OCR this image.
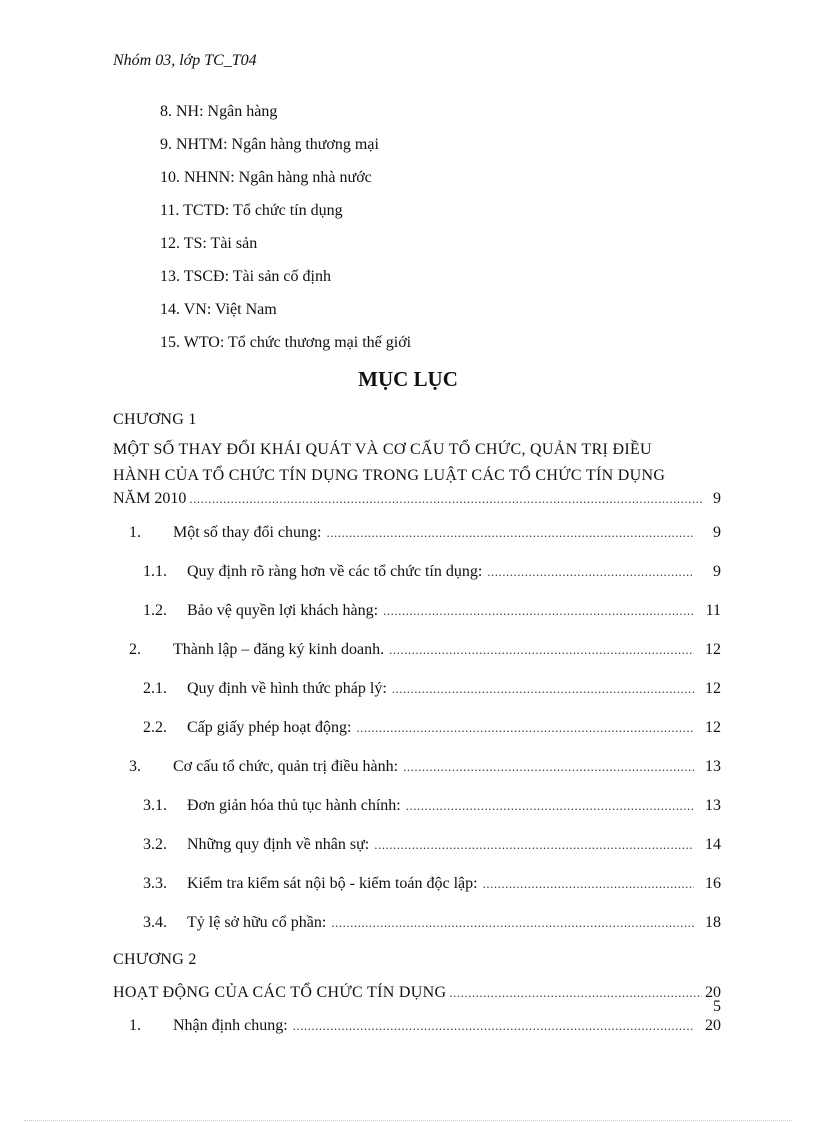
Nhóm 03, lớp TC_T04
8. NH: Ngân hàng
9. NHTM: Ngân hàng thương mại
10. NHNN: Ngân hàng nhà nước
11. TCTD: Tổ chức tín dụng
12. TS: Tài sản
13. TSCĐ: Tài sản cố định
14. VN: Việt Nam
15. WTO: Tổ chức thương mại thế giới
MỤC LỤC
CHƯƠNG 1
MỘT SỐ THAY ĐỔI KHÁI QUÁT VÀ CƠ CẤU TỔ CHỨC, QUẢN TRỊ ĐIỀU
HÀNH CỦA TỔ CHỨC TÍN DỤNG TRONG LUẬT CÁC TỔ CHỨC TÍN DỤNG
NĂM 2010 .....	9
1.	Một số thay đổi chung: .....	9
1.1.	Quy định rõ ràng hơn về các tổ chức tín dụng: .....	9
1.2.	Bảo vệ quyền lợi khách hàng: .....	11
2.	Thành lập – đăng ký kinh doanh. .....	12
2.1.	Quy định về hình thức pháp lý: .....	12
2.2.	Cấp giấy phép hoạt động: .....	12
3.	Cơ cấu tổ chức, quản trị điều hành: .....	13
3.1.	Đơn giản hóa thủ tục hành chính: .....	13
3.2.	Những quy định về nhân sự: .....	14
3.3.	Kiểm tra kiểm sát nội bộ - kiểm toán độc lập: .....	16
3.4.	Tỷ lệ sở hữu cổ phần: .....	18
CHƯƠNG 2
HOẠT ĐỘNG CỦA CÁC TỔ CHỨC TÍN DỤNG .....	20
1.	Nhận định chung: .....	20
5
